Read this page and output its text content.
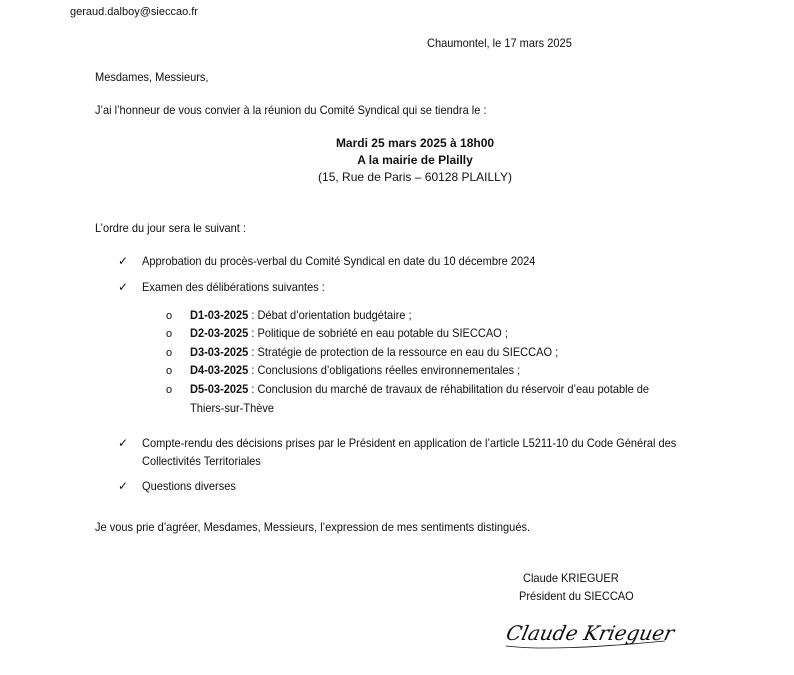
geraud.dalboy@sieccao.fr
Chaumontel, le 17 mars 2025
Mesdames, Messieurs,
J’ai l’honneur de vous convier à la réunion du Comité Syndical qui se tiendra le :
Mardi 25 mars 2025 à 18h00
A la mairie de Plailly
(15, Rue de Paris – 60128 PLAILLY)
L’ordre du jour sera le suivant :
✓ Approbation du procès-verbal du Comité Syndical en date du 10 décembre 2024
✓ Examen des délibérations suivantes :
o D1-03-2025 : Débat d’orientation budgétaire ;
o D2-03-2025 : Politique de sobriété en eau potable du SIECCAO ;
o D3-03-2025 : Stratégie de protection de la ressource en eau du SIECCAO ;
o D4-03-2025 : Conclusions d’obligations réelles environnementales ;
o D5-03-2025 : Conclusion du marché de travaux de réhabilitation du réservoir d’eau potable de
Thiers-sur-Thève
✓ Compte-rendu des décisions prises par le Président en application de l’article L5211-10 du Code Général des
Collectivités Territoriales
✓ Questions diverses
Je vous prie d’agréer, Mesdames, Messieurs, l’expression de mes sentiments distingués.
Claude KRIEGUER
Président du SIECCAO
Claude Krieguer
